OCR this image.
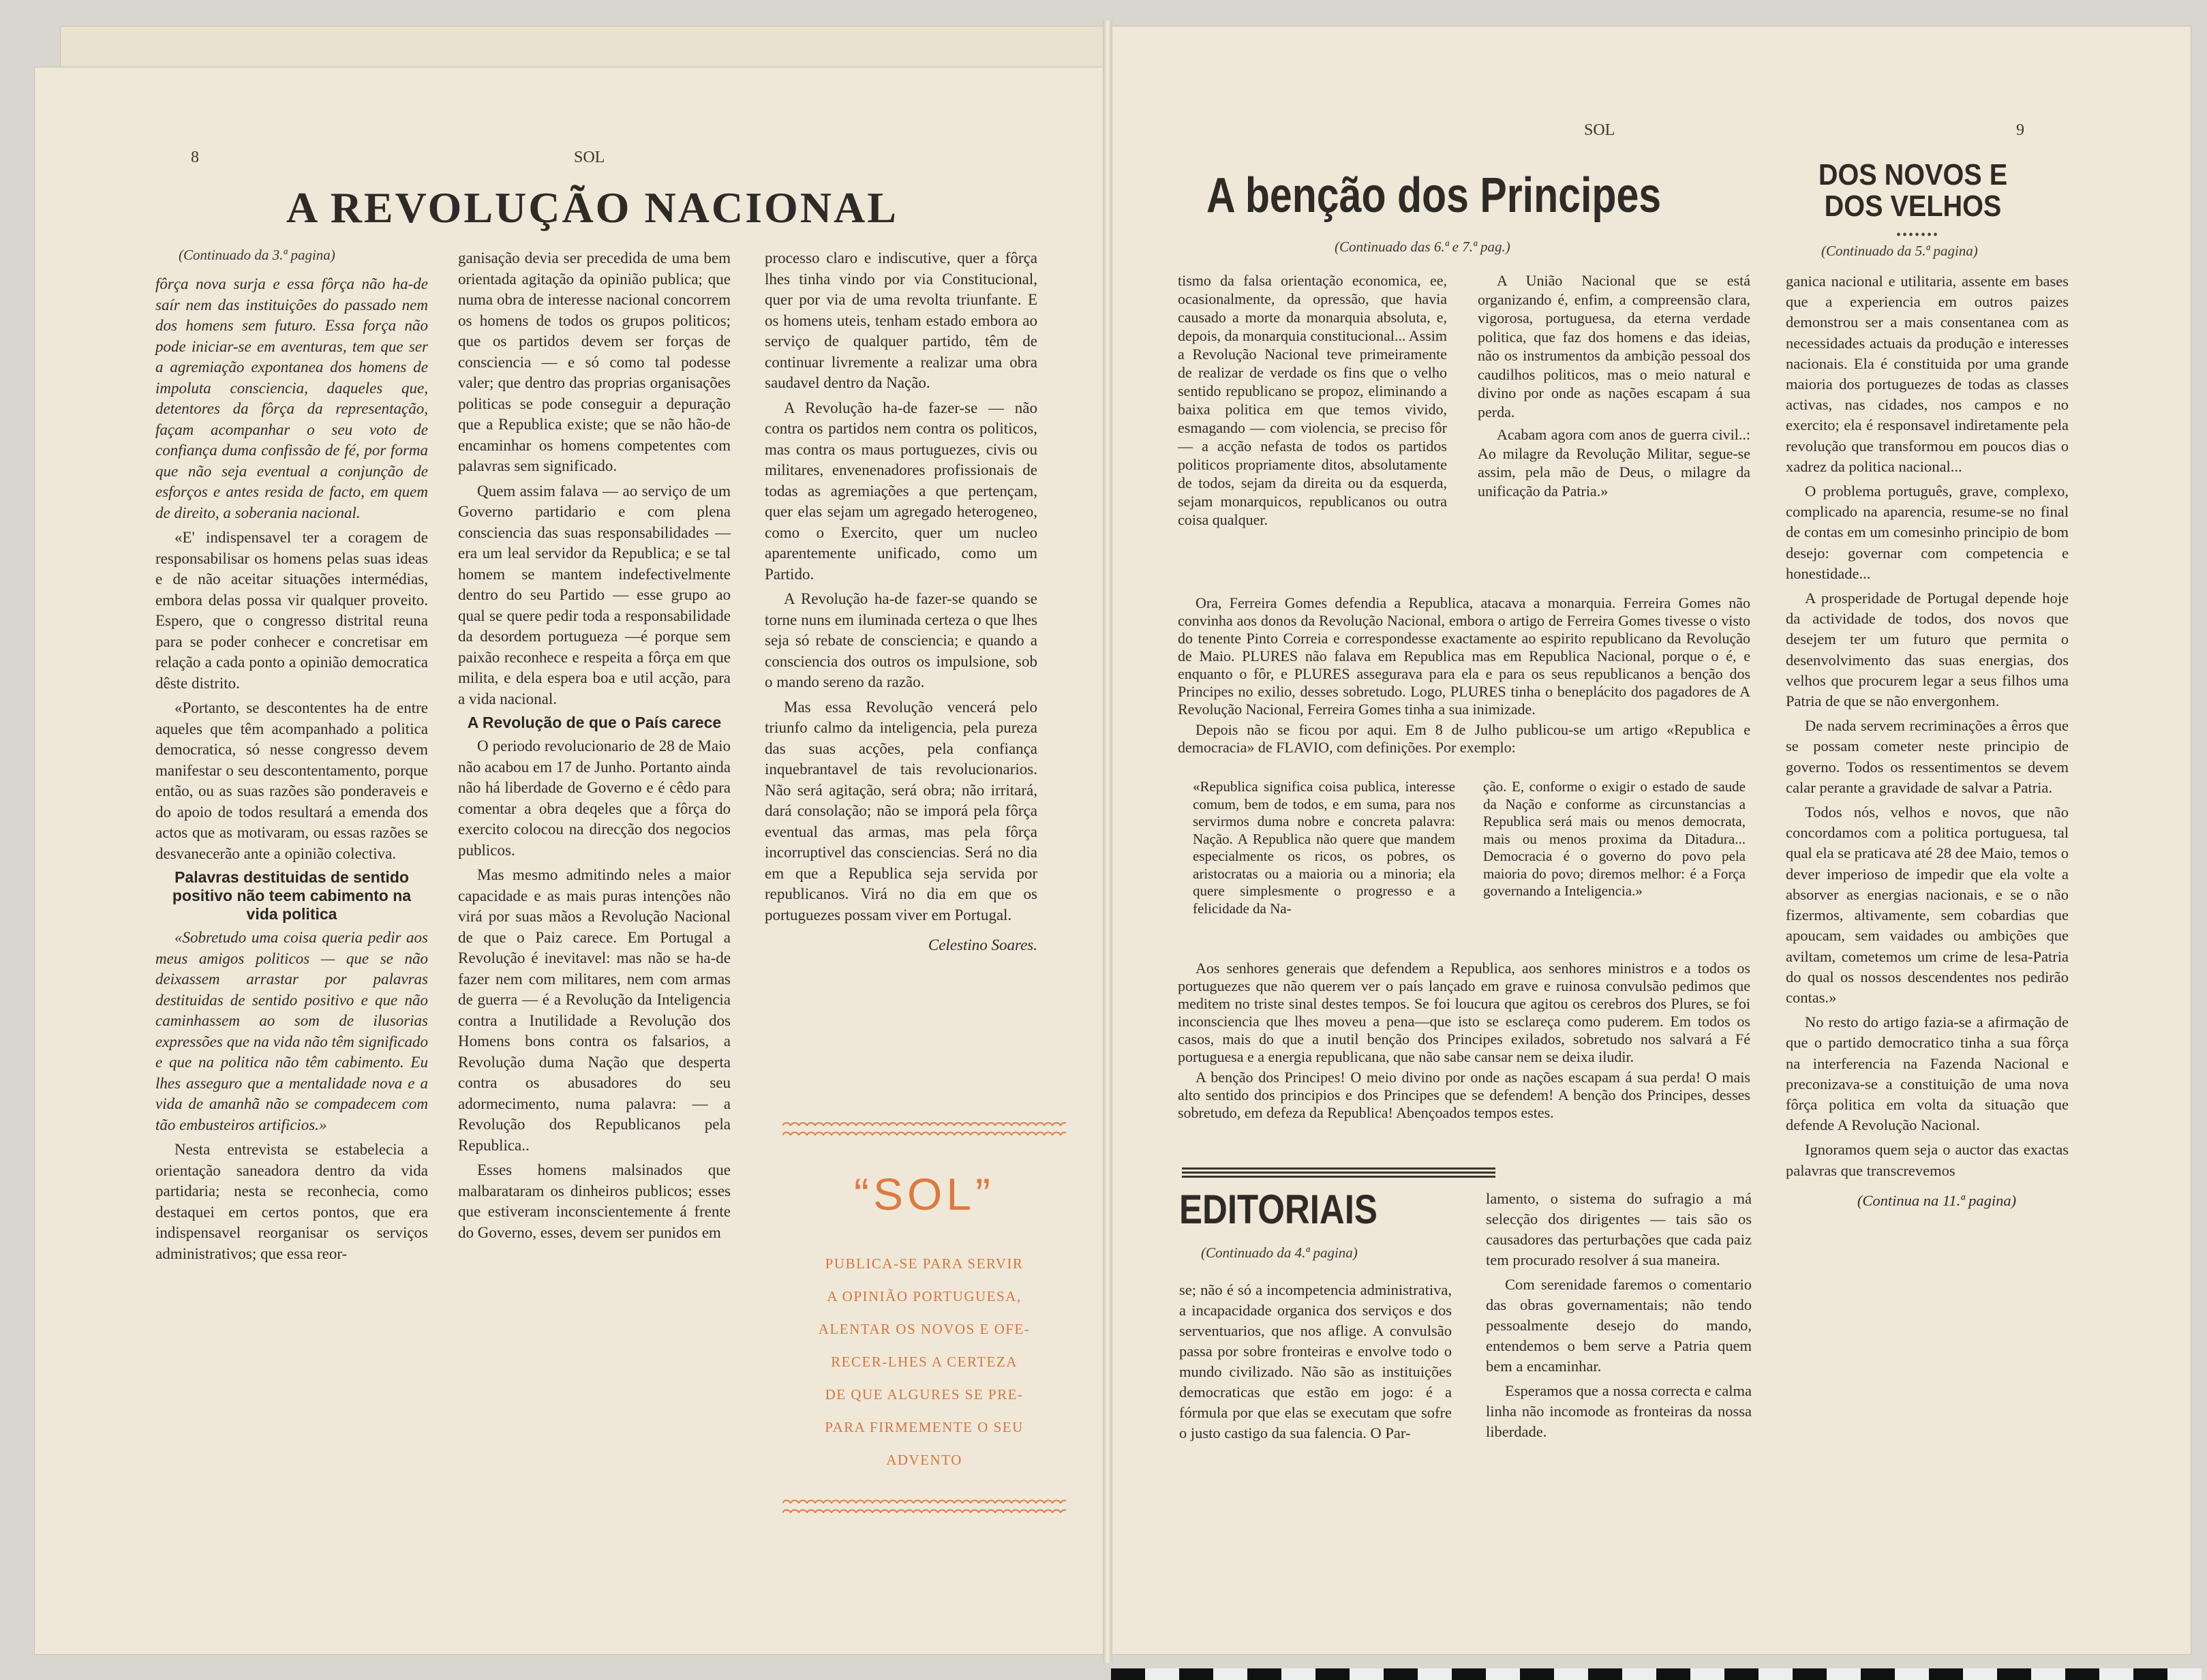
8	SOL
A REVOLUÇÃO NACIONAL
(Continuado da 3.ª pagina)

fôrça nova surja e essa fôrça não ha-de saír nem das instituições do passado nem dos homens sem futuro. Essa força não pode iniciar-se em aventuras, tem que ser a agremiação expontanea dos homens de impoluta consciencia, daqueles que, detentores da fôrça da representação, façam acompanhar o seu voto de confiança duma confissão de fé, por forma que não seja eventual a conjunção de esforços e antes resida de facto, em quem de direito, a soberania nacional.

«E' indispensavel ter a coragem de responsabilisar os homens pelas suas ideas e de não aceitar situações intermédias, embora delas possa vir qualquer proveito. Espero, que o congresso distrital reuna para se poder conhecer e concretisar em relação a cada ponto a opinião democratica dêste distrito.

«Portanto, se descontentes ha de entre aqueles que têm acompanhado a politica democratica, só nesse congresso devem manifestar o seu descontentamento, porque então, ou as suas razões são ponderaveis e do apoio de todos resultará a emenda dos actos que as motivaram, ou essas razões se desvanecerão ante a opinião colectiva.

Palavras destituidas de sentido positivo não teem cabimento na vida politica

«Sobretudo uma coisa queria pedir aos meus amigos politicos — que se não deixassem arrastar por palavras destituidas de sentido positivo e que não caminhassem ao som de ilusorias expressões que na vida não têm significado e que na politica não têm cabimento. Eu lhes asseguro que a mentalidade nova e a vida de amanhã não se compadecem com tão embusteiros artificios.»

Nesta entrevista se estabelecia a orientação saneadora dentro da vida partidaria; nesta se reconhecia, como destaquei em certos pontos, que era indispensavel reorganisar os serviços administrativos; que essa reor-

ganisação devia ser precedida de uma bem orientada agitação da opinião publica; que numa obra de interesse nacional concorrem os homens de todos os grupos politicos; que os partidos devem ser forças de consciencia — e só como tal podesse valer; que dentro das proprias organisações politicas se pode conseguir a depuração que a Republica existe; que se não hão-de encaminhar os homens competentes com palavras sem significado.

Quem assim falava — ao serviço de um Governo partidario e com plena consciencia das suas responsabilidades — era um leal servidor da Republica; e se tal homem se mantem indefectivelmente dentro do seu Partido — esse grupo ao qual se quere pedir toda a responsabilidade da desordem portugueza —é porque sem paixão reconhece e respeita a fôrça em que milita, e dela espera boa e util acção, para a vida nacional.

A Revolução de que o País carece

O periodo revolucionario de 28 de Maio não acabou em 17 de Junho. Portanto ainda não há liberdade de Governo e é cêdo para comentar a obra deqeles que a fôrça do exercito colocou na direcção dos negocios publicos.

Mas mesmo admitindo neles a maior capacidade e as mais puras intenções não virá por suas mãos a Revolução Nacional de que o Paiz carece. Em Portugal a Revolução é inevitavel: mas não se ha-de fazer nem com militares, nem com armas de guerra — é a Revolução da Inteligencia contra a Inutilidade a Revolução dos Homens bons contra os falsarios, a Revolução duma Nação que desperta contra os abusadores do seu adormecimento, numa palavra: — a Revolução dos Republicanos pela Republica..

Esses homens malsinados que malbarataram os dinheiros publicos; esses que estiveram inconscientemente á frente do Governo, esses, devem ser punidos em

processo claro e indiscutive, quer a fôrça lhes tinha vindo por via Constitucional, quer por via de uma revolta triunfante. E os homens uteis, tenham estado embora ao serviço de qualquer partido, têm de continuar livremente a realizar uma obra saudavel dentro da Nação.

A Revolução ha-de fazer-se — não contra os partidos nem contra os politicos, mas contra os maus portuguezes, civis ou militares, envenenadores profissionais de todas as agremiações a que pertençam, quer elas sejam um agregado heterogeneo, como o Exercito, quer um nucleo aparentemente unificado, como um Partido.

A Revolução ha-de fazer-se quando se torne nuns em iluminada certeza o que lhes seja só rebate de consciencia; e quando a consciencia dos outros os impulsione, sob o mando sereno da razão.

Mas essa Revolução vencerá pelo triunfo calmo da inteligencia, pela pureza das suas acções, pela confiança inquebrantavel de tais revolucionarios. Não será agitação, será obra; não irritará, dará consolação; não se imporá pela fôrça eventual das armas, mas pela fôrça incorruptivel das consciencias. Será no dia em que a Republica seja servida por republicanos. Virá no dia em que os portuguezes possam viver em Portugal.

Celestino Soares.

“SOL”
PUBLICA-SE PARA SERVIR
A OPINIÃO PORTUGUESA,
ALENTAR OS NOVOS E OFE-
RECER-LHES A CERTEZA
DE QUE ALGURES SE PRE-
PARA FIRMEMENTE O SEU
ADVENTO
SOL	9
A benção dos Principes
(Continuado das 6.ª e 7.ª pag.)
DOS NOVOS E DOS VELHOS
•••••••
(Continuado da 5.ª pagina)

tismo da falsa orientação economica, ee, ocasionalmente, da opressão, que havia causado a morte da monarquia absoluta, e, depois, da monarquia constitucional... Assim a Revolução Nacional teve primeiramente de realizar de verdade os fins que o velho sentido republicano se propoz, eliminando a baixa politica em que temos vivido, esmagando — com violencia, se preciso fôr — a acção nefasta de todos os partidos politicos propriamente ditos, absolutamente de todos, sejam da direita ou da esquerda, sejam monarquicos, republicanos ou outra coisa qualquer.

A União Nacional que se está organizando é, enfim, a compreensão clara, vigorosa, portuguesa, da eterna verdade politica, que faz dos homens e das ideias, não os instrumentos da ambição pessoal dos caudilhos politicos, mas o meio natural e divino por onde as nações escapam á sua perda.

Acabam agora com anos de guerra civil..: Ao milagre da Revolução Militar, segue-se assim, pela mão de Deus, o milagre da unificação da Patria.»

Ora, Ferreira Gomes defendia a Republica, atacava a monarquia. Ferreira Gomes não convinha aos donos da Revolução Nacional, embora o artigo de Ferreira Gomes tivesse o visto do tenente Pinto Correia e correspondesse exactamente ao espirito republicano da Revolução de Maio. PLURES não falava em Republica mas em Republica Nacional, porque o é, e enquanto o fôr, e PLURES assegurava para ela e para os seus republicanos a benção dos Principes no exilio, desses sobretudo. Logo, PLURES tinha o beneplácito dos pagadores de A Revolução Nacional, Ferreira Gomes tinha a sua inimizade.

Depois não se ficou por aqui. Em 8 de Julho publicou-se um artigo «Republica e democracia» de FLAVIO, com definições. Por exemplo:

«Republica significa coisa publica, interesse comum, bem de todos, e em suma, para nos servirmos duma nobre e concreta palavra: Nação. A Republica não quere que mandem especialmente os ricos, os pobres, os aristocratas ou a maioria ou a minoria; ela quere simplesmente o progresso e a felicidade da Na-
ção. E, conforme o exigir o estado de saude da Nação e conforme as circunstancias a Republica será mais ou menos democrata, mais ou menos proxima da Ditadura... Democracia é o governo do povo pela maioria do povo; diremos melhor: é a Força governando a Inteligencia.»

Aos senhores generais que defendem a Republica, aos senhores ministros e a todos os portuguezes que não querem ver o país lançado em grave e ruinosa convulsão pedimos que meditem no triste sinal destes tempos. Se foi loucura que agitou os cerebros dos Plures, se foi inconsciencia que lhes moveu a pena—que isto se esclareça como puderem. Em todos os casos, mais do que a inutil benção dos Principes exilados, sobretudo nos salvará a Fé portuguesa e a energia republicana, que não sabe cansar nem se deixa iludir.

A benção dos Principes! O meio divino por onde as nações escapam á sua perda! O mais alto sentido dos principios e dos Principes que se defendem! A benção dos Principes, desses sobretudo, em defeza da Republica! Abençoados tempos estes.

EDITORIAIS
(Continuado da 4.ª pagina)

se; não é só a incompetencia administrativa, a incapacidade organica dos serviços e dos serventuarios, que nos aflige. A convulsão passa por sobre fronteiras e envolve todo o mundo civilizado. Não são as instituições democraticas que estão em jogo: é a fórmula por que elas se executam que sofre o justo castigo da sua falencia. O Par-

lamento, o sistema do sufragio a má selecção dos dirigentes — tais são os causadores das perturbações que cada paiz tem procurado resolver á sua maneira.

Com serenidade faremos o comentario das obras governamentais; não tendo pessoalmente desejo do mando, entendemos o bem serve a Patria quem bem a encaminhar.

Esperamos que a nossa correcta e calma linha não incomode as fronteiras da nossa liberdade.

ganica nacional e utilitaria, assente em bases que a experiencia em outros paizes demonstrou ser a mais consentanea com as necessidades actuais da produção e interesses nacionais. Ela é constituida por uma grande maioria dos portuguezes de todas as classes activas, nas cidades, nos campos e no exercito; ela é responsavel indiretamente pela revolução que transformou em poucos dias o xadrez da politica nacional...

O problema português, grave, complexo, complicado na aparencia, resume-se no final de contas em um comesinho principio de bom desejo: governar com competencia e honestidade...

A prosperidade de Portugal depende hoje da actividade de todos, dos novos que desejem ter um futuro que permita o desenvolvimento das suas energias, dos velhos que procurem legar a seus filhos uma Patria de que se não envergonhem.

De nada servem recriminações a êrros que se possam cometer neste principio de governo. Todos os ressentimentos se devem calar perante a gravidade de salvar a Patria.

Todos nós, velhos e novos, que não concordamos com a politica portuguesa, tal qual ela se praticava até 28 dee Maio, temos o dever imperioso de impedir que ela volte a absorver as energias nacionais, e se o não fizermos, altivamente, sem cobardias que apoucam, sem vaidades ou ambições que aviltam, cometemos um crime de lesa-Patria do qual os nossos descendentes nos pedirão contas.»

No resto do artigo fazia-se a afirmação de que o partido democratico tinha a sua fôrça na interferencia na Fazenda Nacional e preconizava-se a constituição de uma nova fôrça politica em volta da situação que defende A Revolução Nacional.

Ignoramos quem seja o auctor das exactas palavras que transcrevemos

(Continua na 11.ª pagina)
